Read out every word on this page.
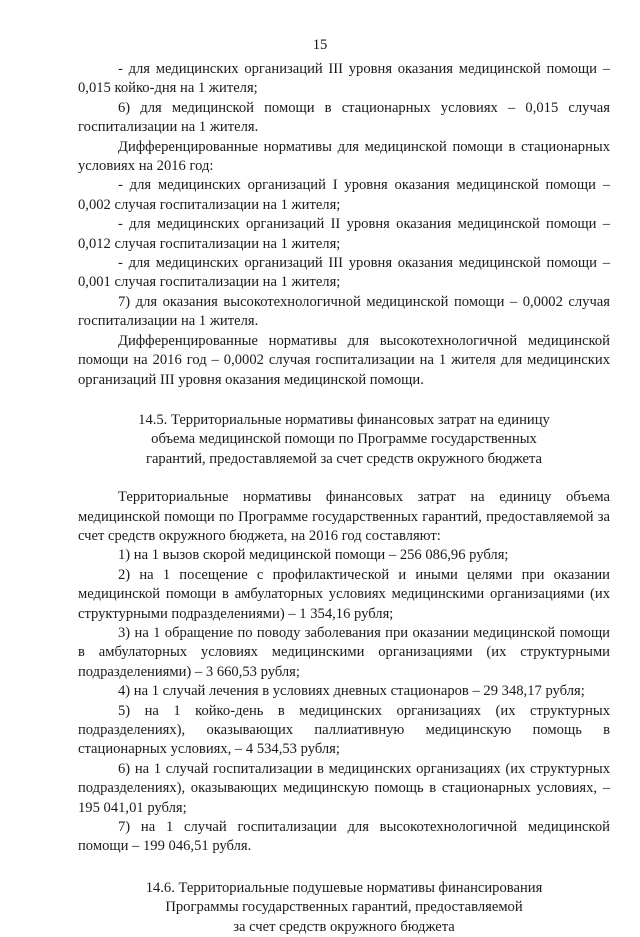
15

- для медицинских организаций III уровня оказания медицинской помощи – 0,015 койко-дня на 1 жителя;

6) для медицинской помощи в стационарных условиях – 0,015 случая госпитализации на 1 жителя.

Дифференцированные нормативы для медицинской помощи в стационарных условиях на 2016 год:

- для медицинских организаций I уровня оказания медицинской помощи – 0,002 случая госпитализации на 1 жителя;

- для медицинских организаций II уровня оказания медицинской помощи – 0,012 случая госпитализации на 1 жителя;

- для медицинских организаций III уровня оказания медицинской помощи – 0,001 случая госпитализации на 1 жителя;

7) для оказания высокотехнологичной медицинской помощи – 0,0002 случая госпитализации на 1 жителя.

Дифференцированные нормативы для высокотехнологичной медицинской помощи на 2016 год – 0,0002 случая госпитализации на 1 жителя для медицинских организаций III уровня оказания медицинской помощи.

14.5. Территориальные нормативы финансовых затрат на единицу
объема медицинской помощи по Программе государственных
гарантий, предоставляемой за счет средств окружного бюджета

Территориальные нормативы финансовых затрат на единицу объема медицинской помощи по Программе государственных гарантий, предоставляемой за счет средств окружного бюджета, на 2016 год составляют:

1) на 1 вызов скорой медицинской помощи – 256 086,96 рубля;

2) на 1 посещение с профилактической и иными целями при оказании медицинской помощи в амбулаторных условиях медицинскими организациями (их структурными подразделениями) – 1 354,16 рубля;

3) на 1 обращение по поводу заболевания при оказании медицинской помощи в амбулаторных условиях медицинскими организациями (их структурными подразделениями) – 3 660,53 рубля;

4) на 1 случай лечения в условиях дневных стационаров – 29 348,17 рубля;

5) на 1 койко-день в медицинских организациях (их структурных подразделениях), оказывающих паллиативную медицинскую помощь в стационарных условиях, – 4 534,53 рубля;

6) на 1 случай госпитализации в медицинских организациях (их структурных подразделениях), оказывающих медицинскую помощь в стационарных условиях, – 195 041,01 рубля;

7) на 1 случай госпитализации для высокотехнологичной медицинской помощи – 199 046,51 рубля.

14.6. Территориальные подушевые нормативы финансирования
Программы государственных гарантий, предоставляемой
за счет средств окружного бюджета
